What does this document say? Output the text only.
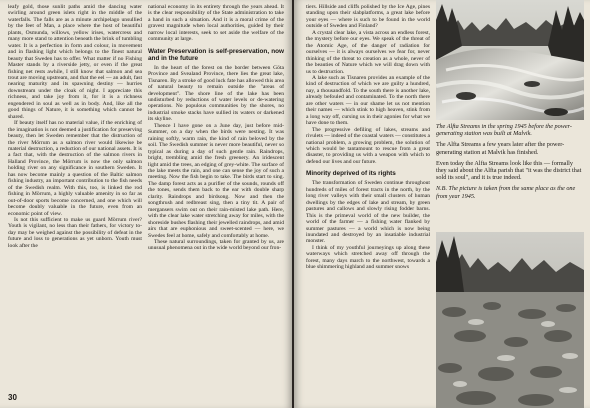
leafy gold, those sunlit paths amid the dancing water swirling around green islets right in the middle of the waterfalls. The falls are as a minute archipelago unsullied by the feet of Man, a place where the host of beautiful plants, Osmunda, willows, yellow irises, watercress and many more stand to attention beneath the brink of tumbling water. It is a perfection in form and colour, in movement and in flashing light which belongs to the finest natural beauty that Sweden has to offer. What matter if no Fishing Master stands by a riverside jetty, or even if the great fishing net rests awhile, I still know that salmon and sea trout are moving upstream, and that the eel — an adult, fast nearing maturity and its spawning destiny — hurries downstream under the cloak of night. I appreciate this richness, and take joy from it, for it is a richness engendered in soul as well as in body. And, like all the good things of Nature, it is something which cannot be shared.

If beauty itself has no material value, if the enriching of the imagination is not deemed a justification for preserving beauty, then let Sweden remember that the distruction of the river Mörrum as a salmon river would likewise be material destruction, a reduction of our national assets. It is a fact that, with the destruction of the salmon rivers in Halland Province, the Mörrum is now the only salmon holding river on any significance in southern Sweden. It has now become mainly a question of the Baltic salmon fishing industry, an important contribution to the fish needs of the Swedish realm. With this, too, is linked the rod fishing in Mörrum, a highly valuable amenity in so far as out-of-door sports become concerned, and one which will become doubly valuable in the future, even from an economic point of view.

Is not this sufficient to make us guard Mörrum river? Youth is vigilant, no less than their fathers, for victory to-day may be weighed against the possibility of defeat in the future and loss to generations as yet unborn. Youth must look after the

national economy in its entirety through the years ahead. It is the clear responsibility of the State administration to take a hand in such a situation. And it is a moral crime of the gravest magnitude when local authorities, guided by their narrow local interests, seek to set aside the welfare of the community at large.

Water Preservation is self-preservation, now and in the future

In the heart of the forest on the border between Göta Province and Svealand Province, there lies the great lake, Tisnaren. By a stroke of good luck fate has allowed this area of natural beauty to remain outside the "areas of development". The shore line of the lake has been undisturbed by reductions of water levels or de-watering operations. No populous communities by the shores, no industrial smoke stacks have sullied its waters or darkened its skyline.

Thence I have gone on a June day, just before mid-Summer, on a day when the birds were nesting. It was raining softly, warm rain, the kind of rain beloved by the soil. The Swedish summer is never more beautiful, never so typical as during a day of such gentle rain. Raindrops, bright, trembling amid the fresh greenery. An iridescent light amid the trees, an edging of grey-white. The surface of the lake meets the rain, and one can sense the joy of such a meeting. Now the fish begin to take. The birds start to sing. The damp forest acts as a purifier of the sounds, rounds off the tones, sends them back to the ear with double sharp clarity. Raindrops and birdsong. Now and then the songthrush and redbreast sing, then a tiny tit. A pair of mergansers swim out on their rain-misted lake path. Here, with the clear lake water stretching away for miles, with the shoreside bushes flashing their jewelled raindrops, and amid airs that are euphonious and sweet-scented — here, we Swedes feel at home, safely and comfortably at home.

These natural surroundings, taken for granted by us, are unusual phenomena out in the wide world beyond our fron-

30

tiers. Hillside and cliffs polished by the Ice Age, pines standing upon their slabplatforms, a great lake before your eyes — where is such to be found in the world outside of Sweden and Finland?

A crystal clear lake, a vista across an endless forest, the mystery before our eyes. We speak of the threat of the Atomic Age, of the danger of radiation for ourselves — it is always ourselves we fear for, never thinking of the threat to creation as a whole, never of the beauties of Nature which we will drag down with us to destruction.

A lake such as Tisnaren provides an example of the kind of destruction of which we are guilty a hundred, nay, a thousandfold. To the south there is another lake, already befouled and contaminated. To the north there are other waters — in our shame let us not mention their names — which stink to high heaven, stink from a long way off, cursing us in their agonies for what we have done to them.

The progressive defiling of lakes, streams and rivulets — indeed of the coastal waters — constitutes a national problem, a growing problem, the solution of which would be tantamount to rescue from a great disaster, to providing us with a weapon with which to defend our lives and our future.

Minority deprived of its rights

The transformation of Sweden continue throughout hundreds of miles of forest tracts in the north, by the long river valleys with their small clusters of human dwellings by the edges of lake and stream, by green pastures and callows and slowly rising fodder barns. This is the primeval world of the new builder, the world of the farmer — a fishing water flanked by summer pastures — a world which is now being inundated and destroyed by an insatiable industrial monster.

I think of my youthful journeyings up along these waterways which stretched away off through the forest, many days march to the northwest, towards a blue shimmering highland and summer snows

The Alfta Streams in the spring 1945 before the power-generating station was built at Malvik.

The Alfta Streams a few years later after the power-generating station at Malvik has finished.

Even today the Alfta Streams look like this — formally they said about the Alfta parish that "it was the district that sold its soul", and it is true indeed.

N.B. The picture is taken from the same place as the one from year 1945.
